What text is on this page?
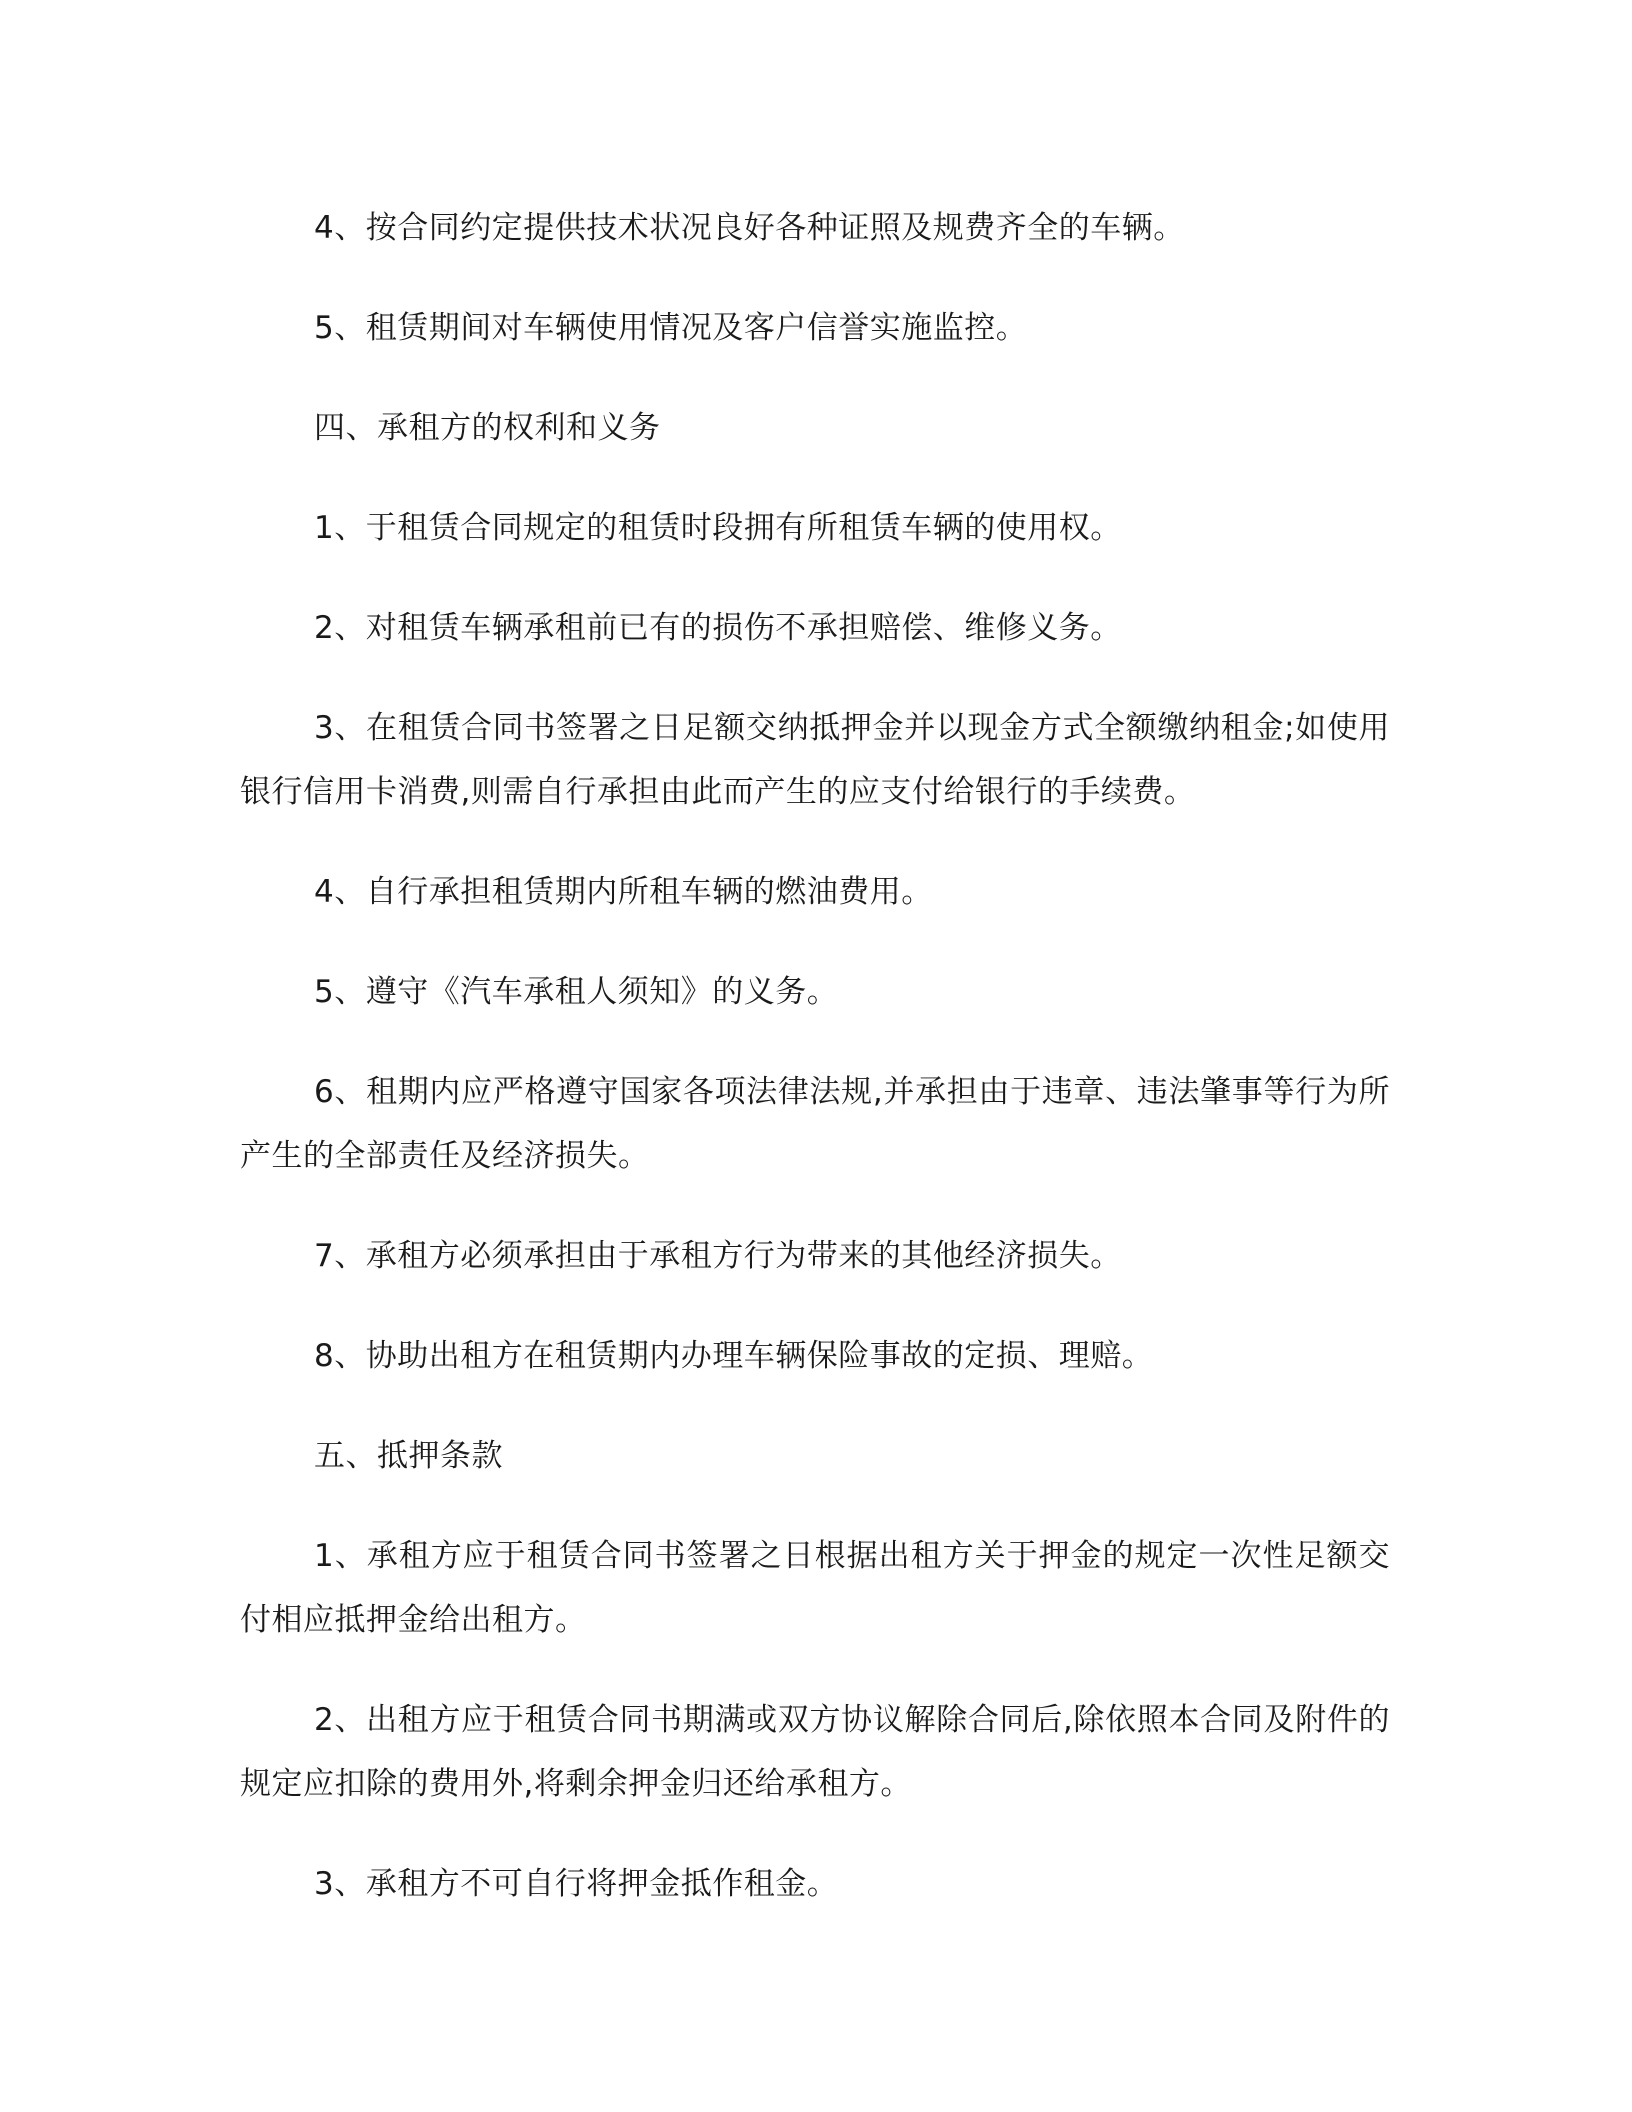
4、按合同约定提供技术状况良好各种证照及规费齐全的车辆。

5、租赁期间对车辆使用情况及客户信誉实施监控。

四、承租方的权利和义务

1、于租赁合同规定的租赁时段拥有所租赁车辆的使用权。

2、对租赁车辆承租前已有的损伤不承担赔偿、维修义务。

3、在租赁合同书签署之日足额交纳抵押金并以现金方式全额缴纳租金;如使用银行信用卡消费,则需自行承担由此而产生的应支付给银行的手续费。

4、自行承担租赁期内所租车辆的燃油费用。

5、遵守《汽车承租人须知》的义务。

6、租期内应严格遵守国家各项法律法规,并承担由于违章、违法肇事等行为所产生的全部责任及经济损失。

7、承租方必须承担由于承租方行为带来的其他经济损失。

8、协助出租方在租赁期内办理车辆保险事故的定损、理赔。

五、抵押条款

1、承租方应于租赁合同书签署之日根据出租方关于押金的规定一次性足额交付相应抵押金给出租方。

2、出租方应于租赁合同书期满或双方协议解除合同后,除依照本合同及附件的规定应扣除的费用外,将剩余押金归还给承租方。

3、承租方不可自行将押金抵作租金。
